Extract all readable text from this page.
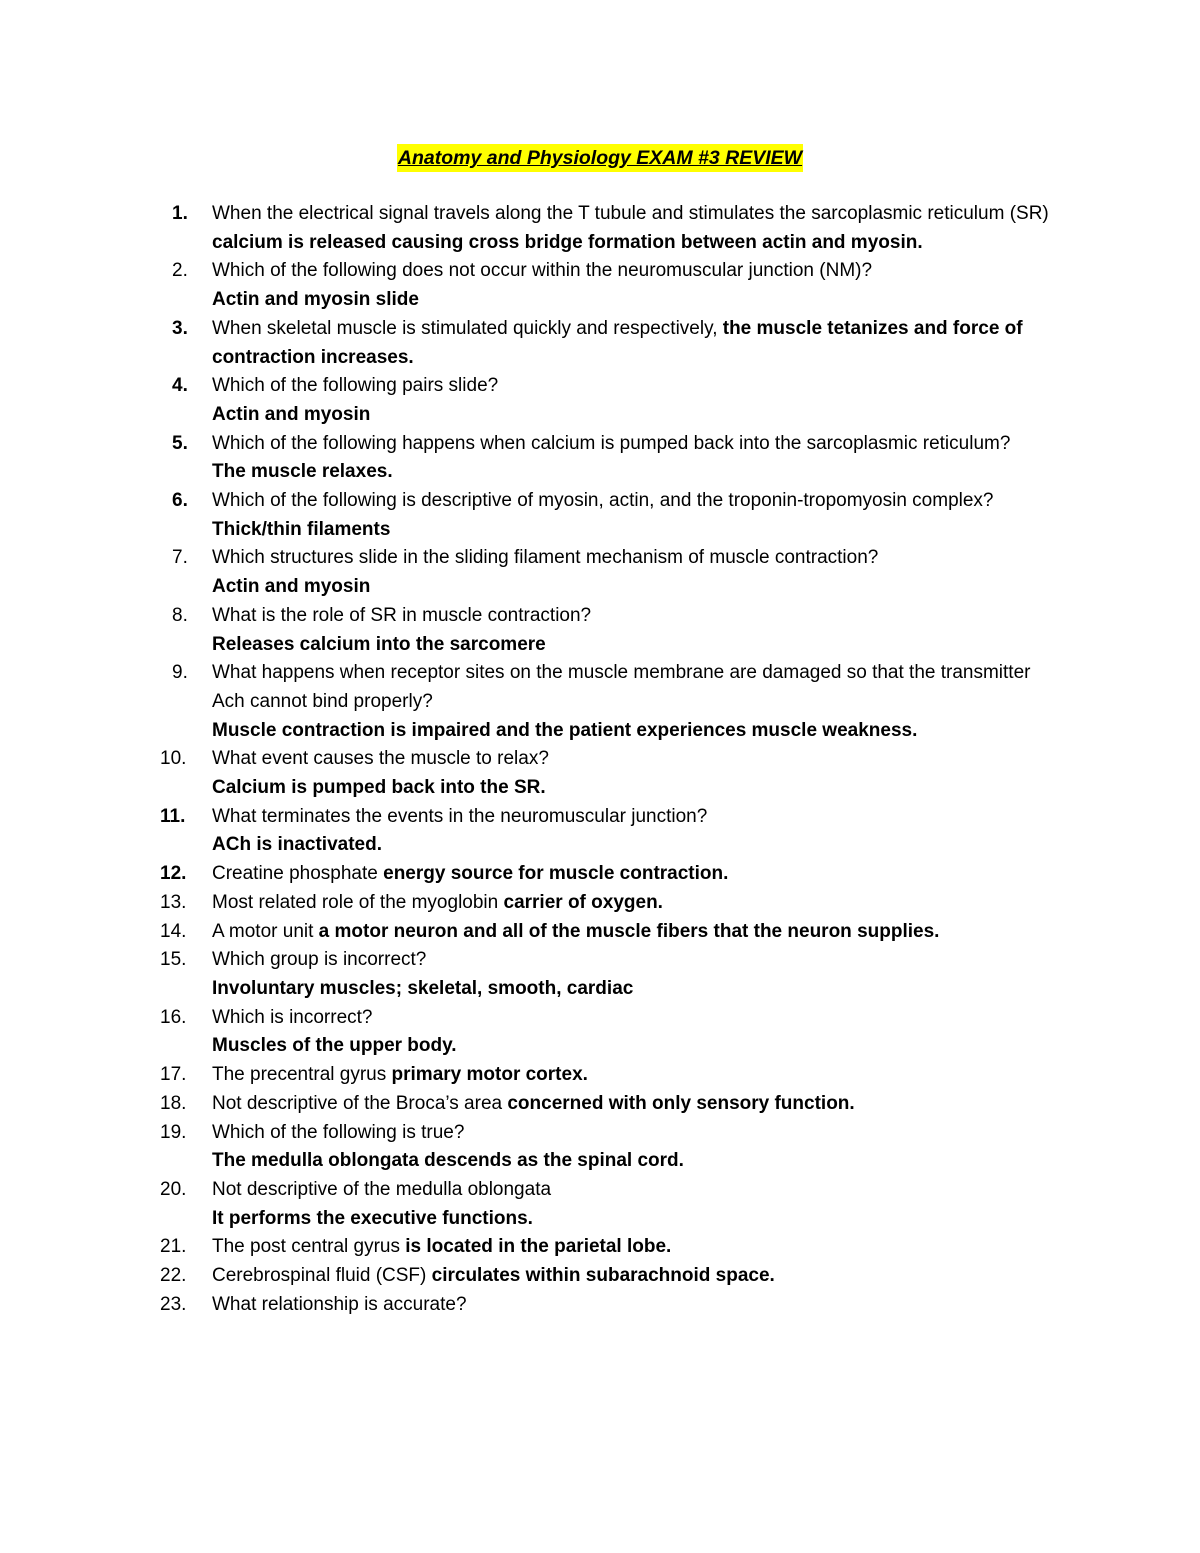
Anatomy and Physiology EXAM #3 REVIEW
1. When the electrical signal travels along the T tubule and stimulates the sarcoplasmic reticulum (SR) calcium is released causing cross bridge formation between actin and myosin.
2. Which of the following does not occur within the neuromuscular junction (NM)?
Actin and myosin slide
3. When skeletal muscle is stimulated quickly and respectively, the muscle tetanizes and force of contraction increases.
4. Which of the following pairs slide?
Actin and myosin
5. Which of the following happens when calcium is pumped back into the sarcoplasmic reticulum?
The muscle relaxes.
6. Which of the following is descriptive of myosin, actin, and the troponin-tropomyosin complex?
Thick/thin filaments
7. Which structures slide in the sliding filament mechanism of muscle contraction?
Actin and myosin
8. What is the role of SR in muscle contraction?
Releases calcium into the sarcomere
9. What happens when receptor sites on the muscle membrane are damaged so that the transmitter Ach cannot bind properly?
Muscle contraction is impaired and the patient experiences muscle weakness.
10. What event causes the muscle to relax?
Calcium is pumped back into the SR.
11. What terminates the events in the neuromuscular junction?
ACh is inactivated.
12. Creatine phosphate energy source for muscle contraction.
13. Most related role of the myoglobin carrier of oxygen.
14. A motor unit a motor neuron and all of the muscle fibers that the neuron supplies.
15. Which group is incorrect?
Involuntary muscles; skeletal, smooth, cardiac
16. Which is incorrect?
Muscles of the upper body.
17. The precentral gyrus primary motor cortex.
18. Not descriptive of the Broca’s area concerned with only sensory function.
19. Which of the following is true?
The medulla oblongata descends as the spinal cord.
20. Not descriptive of the medulla oblongata
It performs the executive functions.
21. The post central gyrus is located in the parietal lobe.
22. Cerebrospinal fluid (CSF) circulates within subarachnoid space.
23. What relationship is accurate?
